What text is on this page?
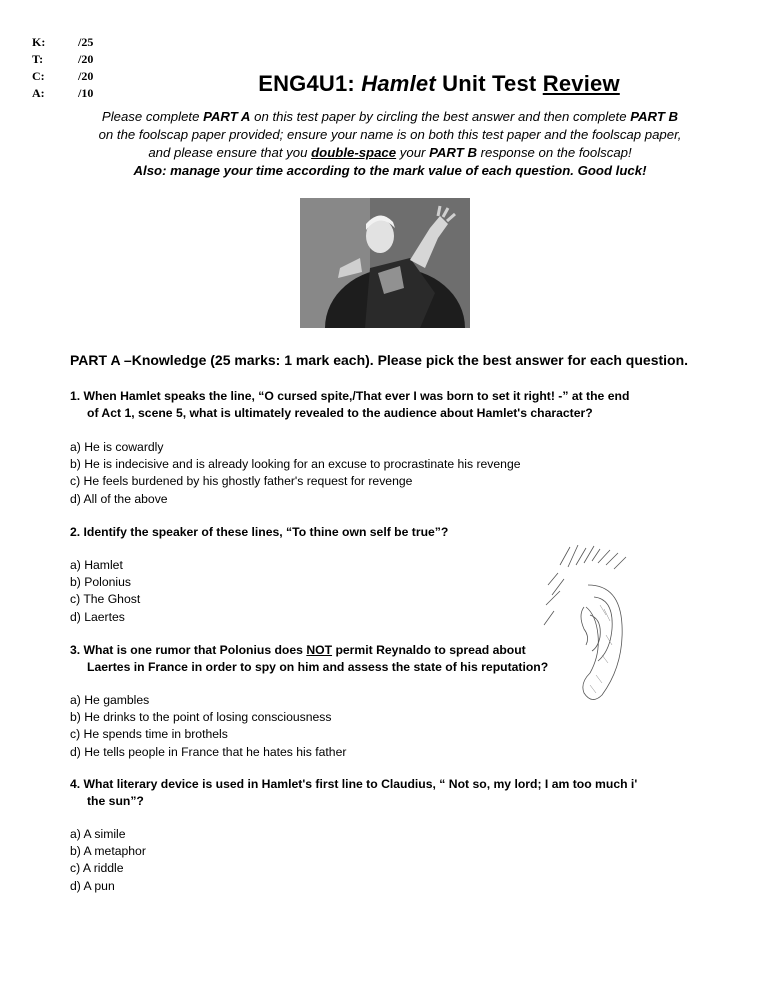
K:	/25
T:	/20
C:	/20
A:	/10	ENG4U1: Hamlet Unit Test Review
Please complete PART A on this test paper by circling the best answer and then complete PART B
on the foolscap paper provided; ensure your name is on both this test paper and the foolscap paper,
and please ensure that you double-space your PART B response on the foolscap!
Also: manage your time according to the mark value of each question. Good luck!
PART A –Knowledge (25 marks: 1 mark each). Please pick the best answer for each question.
1. When Hamlet speaks the line, “O cursed spite,/That ever I was born to set it right! -” at the end
of Act 1, scene 5, what is ultimately revealed to the audience about Hamlet's character?
a) He is cowardly
b) He is indecisive and is already looking for an excuse to procrastinate his revenge
c) He feels burdened by his ghostly father's request for revenge
d) All of the above
2. Identify the speaker of these lines, “To thine own self be true”?
a) Hamlet
b) Polonius
c) The Ghost
d) Laertes
3. What is one rumor that Polonius does NOT permit Reynaldo to spread about
Laertes in France in order to spy on him and assess the state of his reputation?
a) He gambles
b) He drinks to the point of losing consciousness
c) He spends time in brothels
d) He tells people in France that he hates his father
4. What literary device is used in Hamlet's first line to Claudius, “ Not so, my lord; I am too much i'
the sun”?
a) A simile
b) A metaphor
c) A riddle
d) A pun
